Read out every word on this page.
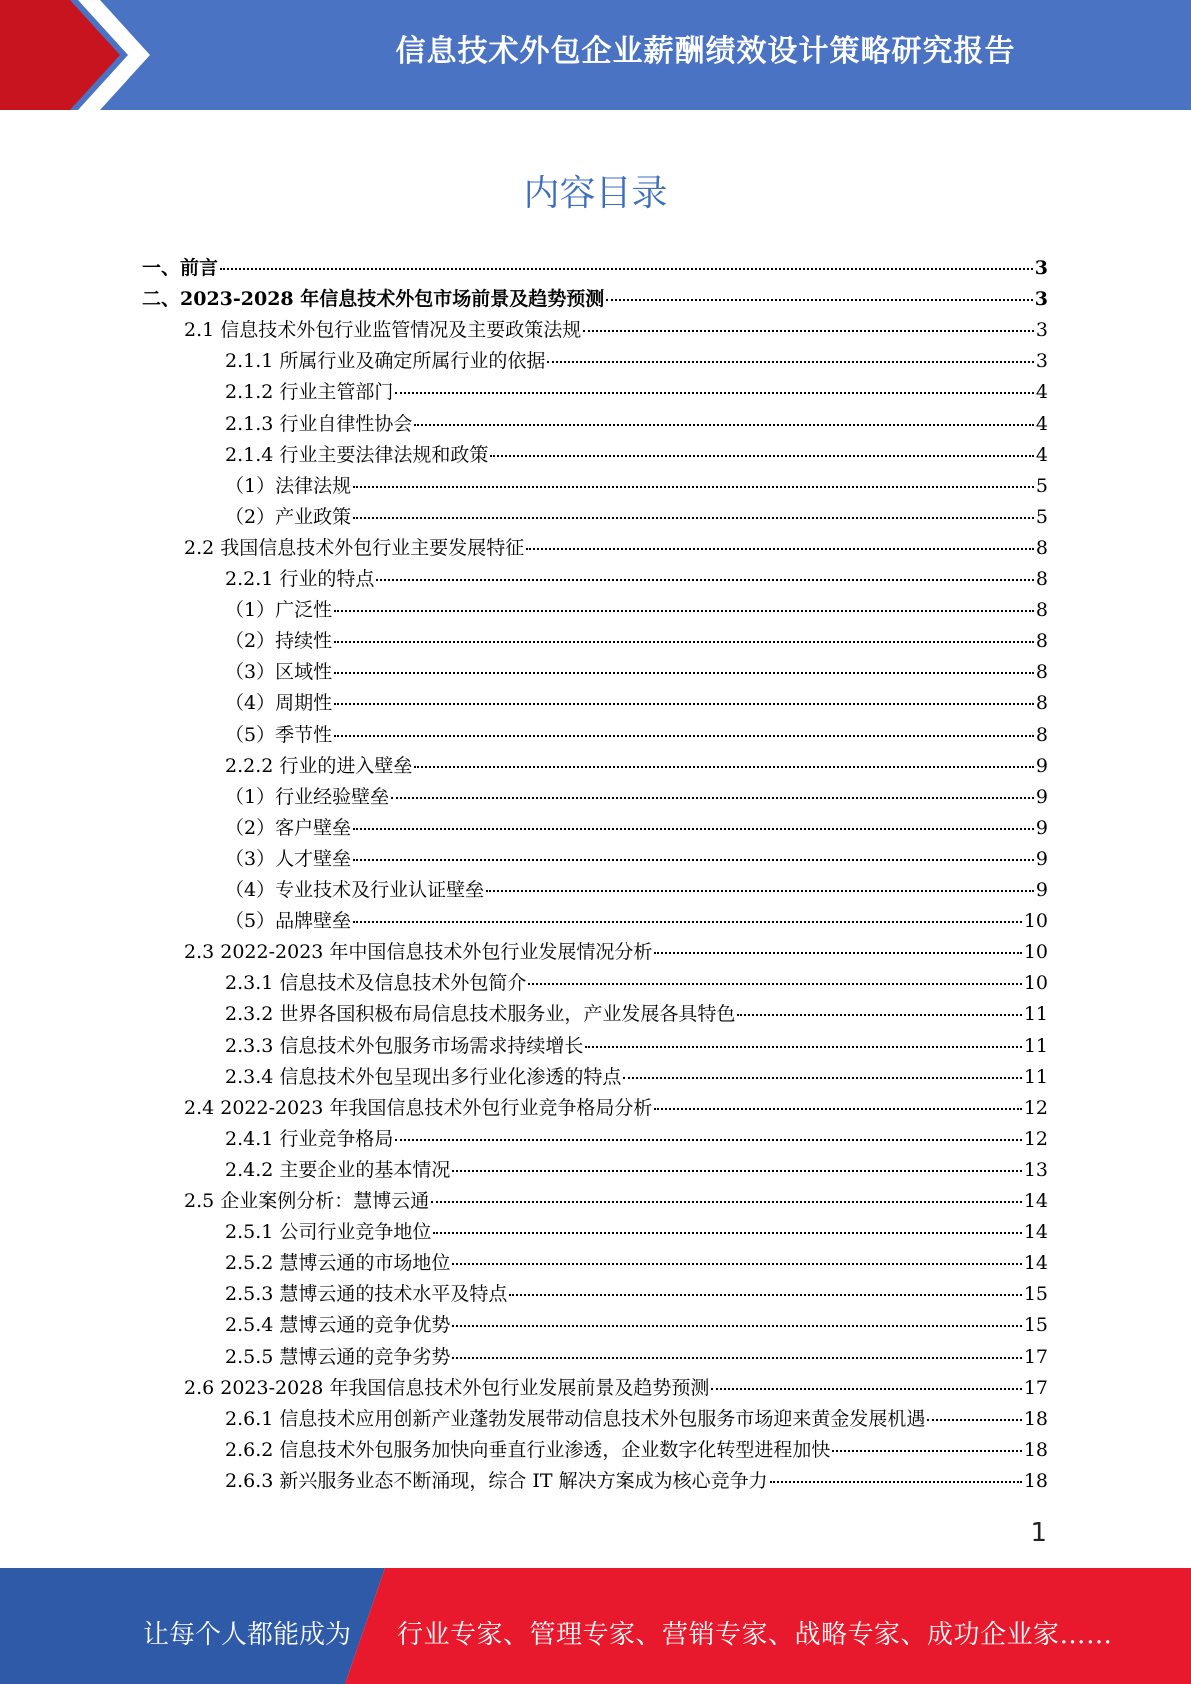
信息技术外包企业薪酬绩效设计策略研究报告
内容目录
一、前言	3
二、2023-2028 年信息技术外包市场前景及趋势预测	3
2.1 信息技术外包行业监管情况及主要政策法规	3
2.1.1 所属行业及确定所属行业的依据	3
2.1.2 行业主管部门	4
2.1.3 行业自律性协会	4
2.1.4 行业主要法律法规和政策	4
（1）法律法规	5
（2）产业政策	5
2.2 我国信息技术外包行业主要发展特征	8
2.2.1 行业的特点	8
（1）广泛性	8
（2）持续性	8
（3）区域性	8
（4）周期性	8
（5）季节性	8
2.2.2 行业的进入壁垒	9
（1）行业经验壁垒	9
（2）客户壁垒	9
（3）人才壁垒	9
（4）专业技术及行业认证壁垒	9
（5）品牌壁垒	10
2.3 2022-2023 年中国信息技术外包行业发展情况分析	10
2.3.1 信息技术及信息技术外包简介	10
2.3.2 世界各国积极布局信息技术服务业，产业发展各具特色	11
2.3.3 信息技术外包服务市场需求持续增长	11
2.3.4 信息技术外包呈现出多行业化渗透的特点	11
2.4 2022-2023 年我国信息技术外包行业竞争格局分析	12
2.4.1 行业竞争格局	12
2.4.2 主要企业的基本情况	13
2.5 企业案例分析：慧博云通	14
2.5.1 公司行业竞争地位	14
2.5.2 慧博云通的市场地位	14
2.5.3 慧博云通的技术水平及特点	15
2.5.4 慧博云通的竞争优势	15
2.5.5 慧博云通的竞争劣势	17
2.6 2023-2028 年我国信息技术外包行业发展前景及趋势预测	17
2.6.1 信息技术应用创新产业蓬勃发展带动信息技术外包服务市场迎来黄金发展机遇	18
2.6.2 信息技术外包服务加快向垂直行业渗透，企业数字化转型进程加快	18
2.6.3 新兴服务业态不断涌现，综合 IT 解决方案成为核心竞争力	18
1
让每个人都能成为 行业专家、管理专家、营销专家、战略专家、成功企业家……
